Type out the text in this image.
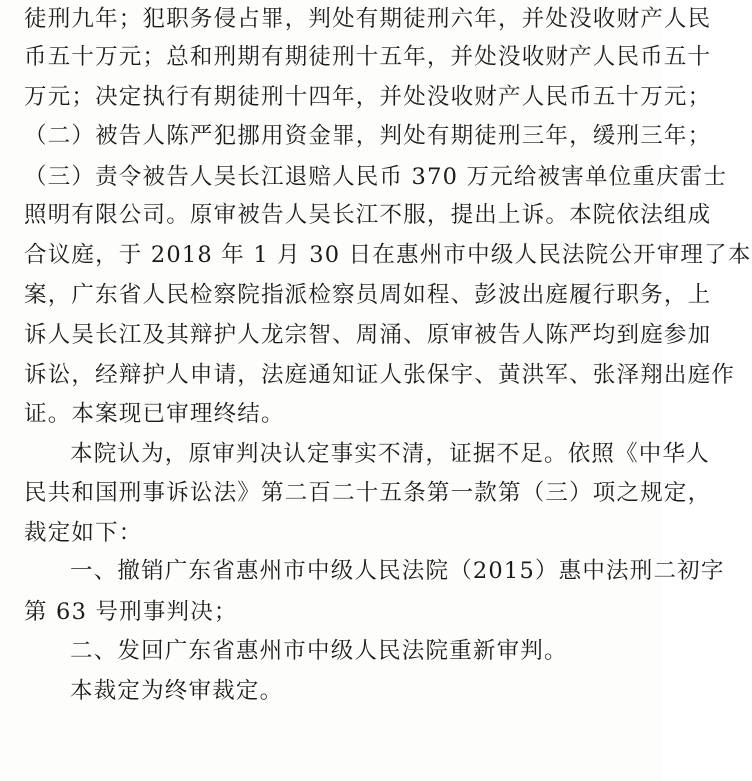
徒刑九年；犯职务侵占罪，判处有期徒刑六年，并处没收财产人民
币五十万元；总和刑期有期徒刑十五年，并处没收财产人民币五十
万元；决定执行有期徒刑十四年，并处没收财产人民币五十万元；
（二）被告人陈严犯挪用资金罪，判处有期徒刑三年，缓刑三年；
（三）责令被告人吴长江退赔人民币 370 万元给被害单位重庆雷士
照明有限公司。原审被告人吴长江不服，提出上诉。本院依法组成
合议庭，于 2018 年 1 月 30 日在惠州市中级人民法院公开审理了本
案，广东省人民检察院指派检察员周如程、彭波出庭履行职务，上
诉人吴长江及其辩护人龙宗智、周涌、原审被告人陈严均到庭参加
诉讼，经辩护人申请，法庭通知证人张保宇、黄洪军、张泽翔出庭作
证。本案现已审理终结。
本院认为，原审判决认定事实不清，证据不足。依照《中华人
民共和国刑事诉讼法》第二百二十五条第一款第（三）项之规定，
裁定如下：
一、撤销广东省惠州市中级人民法院（2015）惠中法刑二初字
第 63 号刑事判决；
二、发回广东省惠州市中级人民法院重新审判。
本裁定为终审裁定。
